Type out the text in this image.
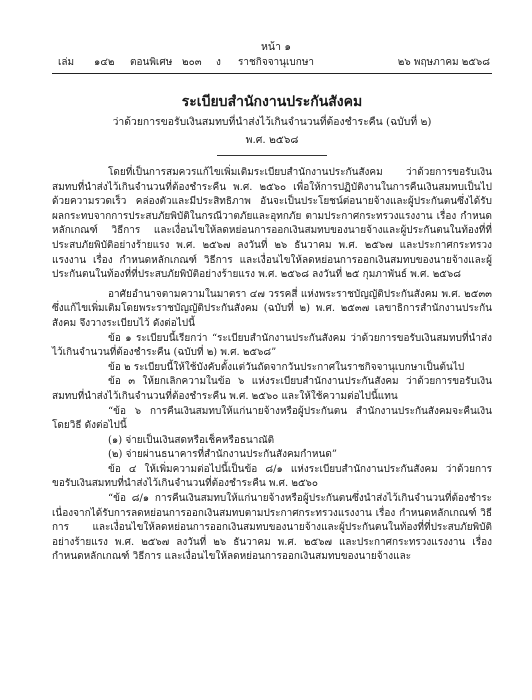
หน้า ๑
เล่ม	๑๔๒	ตอนพิเศษ ๒๐๓	ง	ราชกิจจานุเบกษา	๒๖ พฤษภาคม ๒๕๖๘
ระเบียบสำนักงานประกันสังคม
ว่าด้วยการขอรับเงินสมทบที่นำส่งไว้เกินจำนวนที่ต้องชำระคืน (ฉบับที่ ๒)
พ.ศ. ๒๕๖๘

โดยที่เป็นการสมควรแก้ไขเพิ่มเติมระเบียบสำนักงานประกันสังคม ว่าด้วยการขอรับเงินสมทบที่นำส่งไว้เกินจำนวนที่ต้องชำระคืน พ.ศ. ๒๕๖๐ เพื่อให้การปฏิบัติงานในการคืนเงินสมทบเป็นไปด้วยความรวดเร็ว คล่องตัวและมีประสิทธิภาพ อันจะเป็นประโยชน์ต่อนายจ้างและผู้ประกันตนซึ่งได้รับผลกระทบจากการประสบภัยพิบัติในกรณีวาตภัยและอุทกภัย ตามประกาศกระทรวงแรงงาน เรื่อง กำหนดหลักเกณฑ์ วิธีการ และเงื่อนไขให้ลดหย่อนการออกเงินสมทบของนายจ้างและผู้ประกันตนในท้องที่ที่ประสบภัยพิบัติอย่างร้ายแรง พ.ศ. ๒๕๖๗ ลงวันที่ ๒๖ ธันวาคม พ.ศ. ๒๕๖๗ และประกาศกระทรวงแรงงาน เรื่อง กำหนดหลักเกณฑ์ วิธีการ และเงื่อนไขให้ลดหย่อนการออกเงินสมทบของนายจ้างและผู้ประกันตนในท้องที่ที่ประสบภัยพิบัติอย่างร้ายแรง พ.ศ. ๒๕๖๘ ลงวันที่ ๒๕ กุมภาพันธ์ พ.ศ. ๒๕๖๘

อาศัยอำนาจตามความในมาตรา ๔๗ วรรคสี่ แห่งพระราชบัญญัติประกันสังคม พ.ศ. ๒๕๓๓ ซึ่งแก้ไขเพิ่มเติมโดยพระราชบัญญัติประกันสังคม (ฉบับที่ ๒) พ.ศ. ๒๕๓๗ เลขาธิการสำนักงานประกันสังคม จึงวางระเบียบไว้ ดังต่อไปนี้

ข้อ ๑ ระเบียบนี้เรียกว่า “ระเบียบสำนักงานประกันสังคม ว่าด้วยการขอรับเงินสมทบที่นำส่งไว้เกินจำนวนที่ต้องชำระคืน (ฉบับที่ ๒) พ.ศ. ๒๕๖๘”

ข้อ ๒ ระเบียบนี้ให้ใช้บังคับตั้งแต่วันถัดจากวันประกาศในราชกิจจานุเบกษาเป็นต้นไป

ข้อ ๓ ให้ยกเลิกความในข้อ ๖ แห่งระเบียบสำนักงานประกันสังคม ว่าด้วยการขอรับเงินสมทบที่นำส่งไว้เกินจำนวนที่ต้องชำระคืน พ.ศ. ๒๕๖๐ และให้ใช้ความต่อไปนี้แทน

“ข้อ ๖ การคืนเงินสมทบให้แก่นายจ้างหรือผู้ประกันตน สำนักงานประกันสังคมจะคืนเงินโดยวิธี ดังต่อไปนี้

(๑) จ่ายเป็นเงินสดหรือเช็คหรือธนาณัติ

(๒) จ่ายผ่านธนาคารที่สำนักงานประกันสังคมกำหนด”

ข้อ ๔ ให้เพิ่มความต่อไปนี้เป็นข้อ ๘/๑ แห่งระเบียบสำนักงานประกันสังคม ว่าด้วยการขอรับเงินสมทบที่นำส่งไว้เกินจำนวนที่ต้องชำระคืน พ.ศ. ๒๕๖๐

“ข้อ ๘/๑ การคืนเงินสมทบให้แก่นายจ้างหรือผู้ประกันตนซึ่งนำส่งไว้เกินจำนวนที่ต้องชำระ เนื่องจากได้รับการลดหย่อนการออกเงินสมทบตามประกาศกระทรวงแรงงาน เรื่อง กำหนดหลักเกณฑ์ วิธีการ และเงื่อนไขให้ลดหย่อนการออกเงินสมทบของนายจ้างและผู้ประกันตนในท้องที่ที่ประสบภัยพิบัติอย่างร้ายแรง พ.ศ. ๒๕๖๗ ลงวันที่ ๒๖ ธันวาคม พ.ศ. ๒๕๖๗ และประกาศกระทรวงแรงงาน เรื่อง กำหนดหลักเกณฑ์ วิธีการ และเงื่อนไขให้ลดหย่อนการออกเงินสมทบของนายจ้างและ
